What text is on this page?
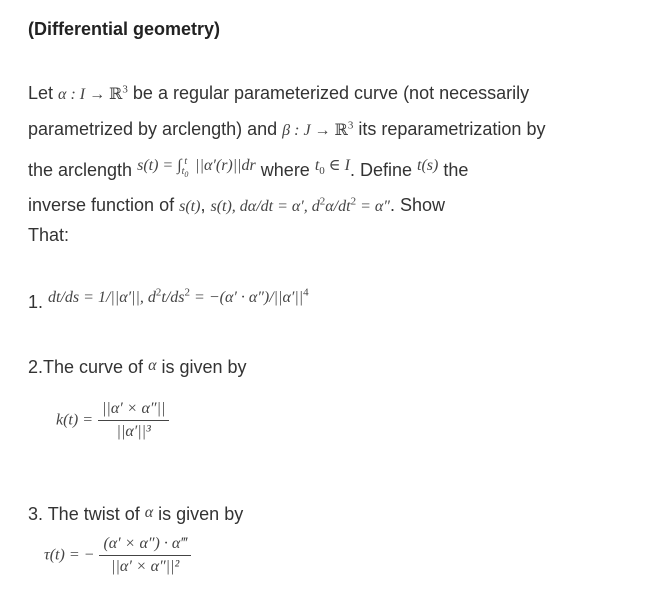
(Differential geometry)
Let α : I → ℝ$^3$ be a regular parameterized curve (not necessarily
parametrized by arclength) and β : J → ℝ$^3$ its reparametrization by
the arclength $s(t) = \int_{t_0}^t$ ||α′(r)||dr where $t_0$ ∈ I. Define t(s) the
inverse function of s(t), s(t), dα/dt = α′, $d^2\alpha/dt^2 = \alpha''$. Show
That:
1. dt/ds = 1/||α′||, $d^2t/ds^2 = -(\alpha' \cdot \alpha'')/||\alpha'||^4$
2.The curve of α is given by
$k(t) = \frac{||\alpha' \times \alpha''||}{\text{||α′||³}}$
3. The twist of α is given by
τ(t) = − $\frac{(\alpha' \times \alpha'') \cdot \alpha‴}{\text{||α′ × α″||²}}$
